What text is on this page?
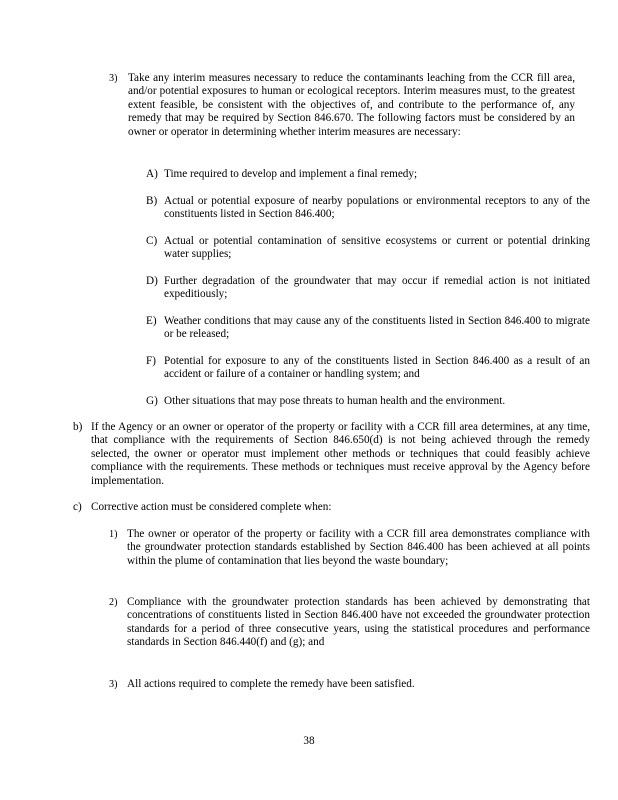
3) Take any interim measures necessary to reduce the contaminants leaching from the CCR fill area, and/or potential exposures to human or ecological receptors. Interim measures must, to the greatest extent feasible, be consistent with the objectives of, and contribute to the performance of, any remedy that may be required by Section 846.670. The following factors must be considered by an owner or operator in determining whether interim measures are necessary:
A) Time required to develop and implement a final remedy;
B) Actual or potential exposure of nearby populations or environmental receptors to any of the constituents listed in Section 846.400;
C) Actual or potential contamination of sensitive ecosystems or current or potential drinking water supplies;
D) Further degradation of the groundwater that may occur if remedial action is not initiated expeditiously;
E) Weather conditions that may cause any of the constituents listed in Section 846.400 to migrate or be released;
F) Potential for exposure to any of the constituents listed in Section 846.400 as a result of an accident or failure of a container or handling system; and
G) Other situations that may pose threats to human health and the environment.
b) If the Agency or an owner or operator of the property or facility with a CCR fill area determines, at any time, that compliance with the requirements of Section 846.650(d) is not being achieved through the remedy selected, the owner or operator must implement other methods or techniques that could feasibly achieve compliance with the requirements. These methods or techniques must receive approval by the Agency before implementation.
c) Corrective action must be considered complete when:
1) The owner or operator of the property or facility with a CCR fill area demonstrates compliance with the groundwater protection standards established by Section 846.400 has been achieved at all points within the plume of contamination that lies beyond the waste boundary;
2) Compliance with the groundwater protection standards has been achieved by demonstrating that concentrations of constituents listed in Section 846.400 have not exceeded the groundwater protection standards for a period of three consecutive years, using the statistical procedures and performance standards in Section 846.440(f) and (g); and
3) All actions required to complete the remedy have been satisfied.
38
